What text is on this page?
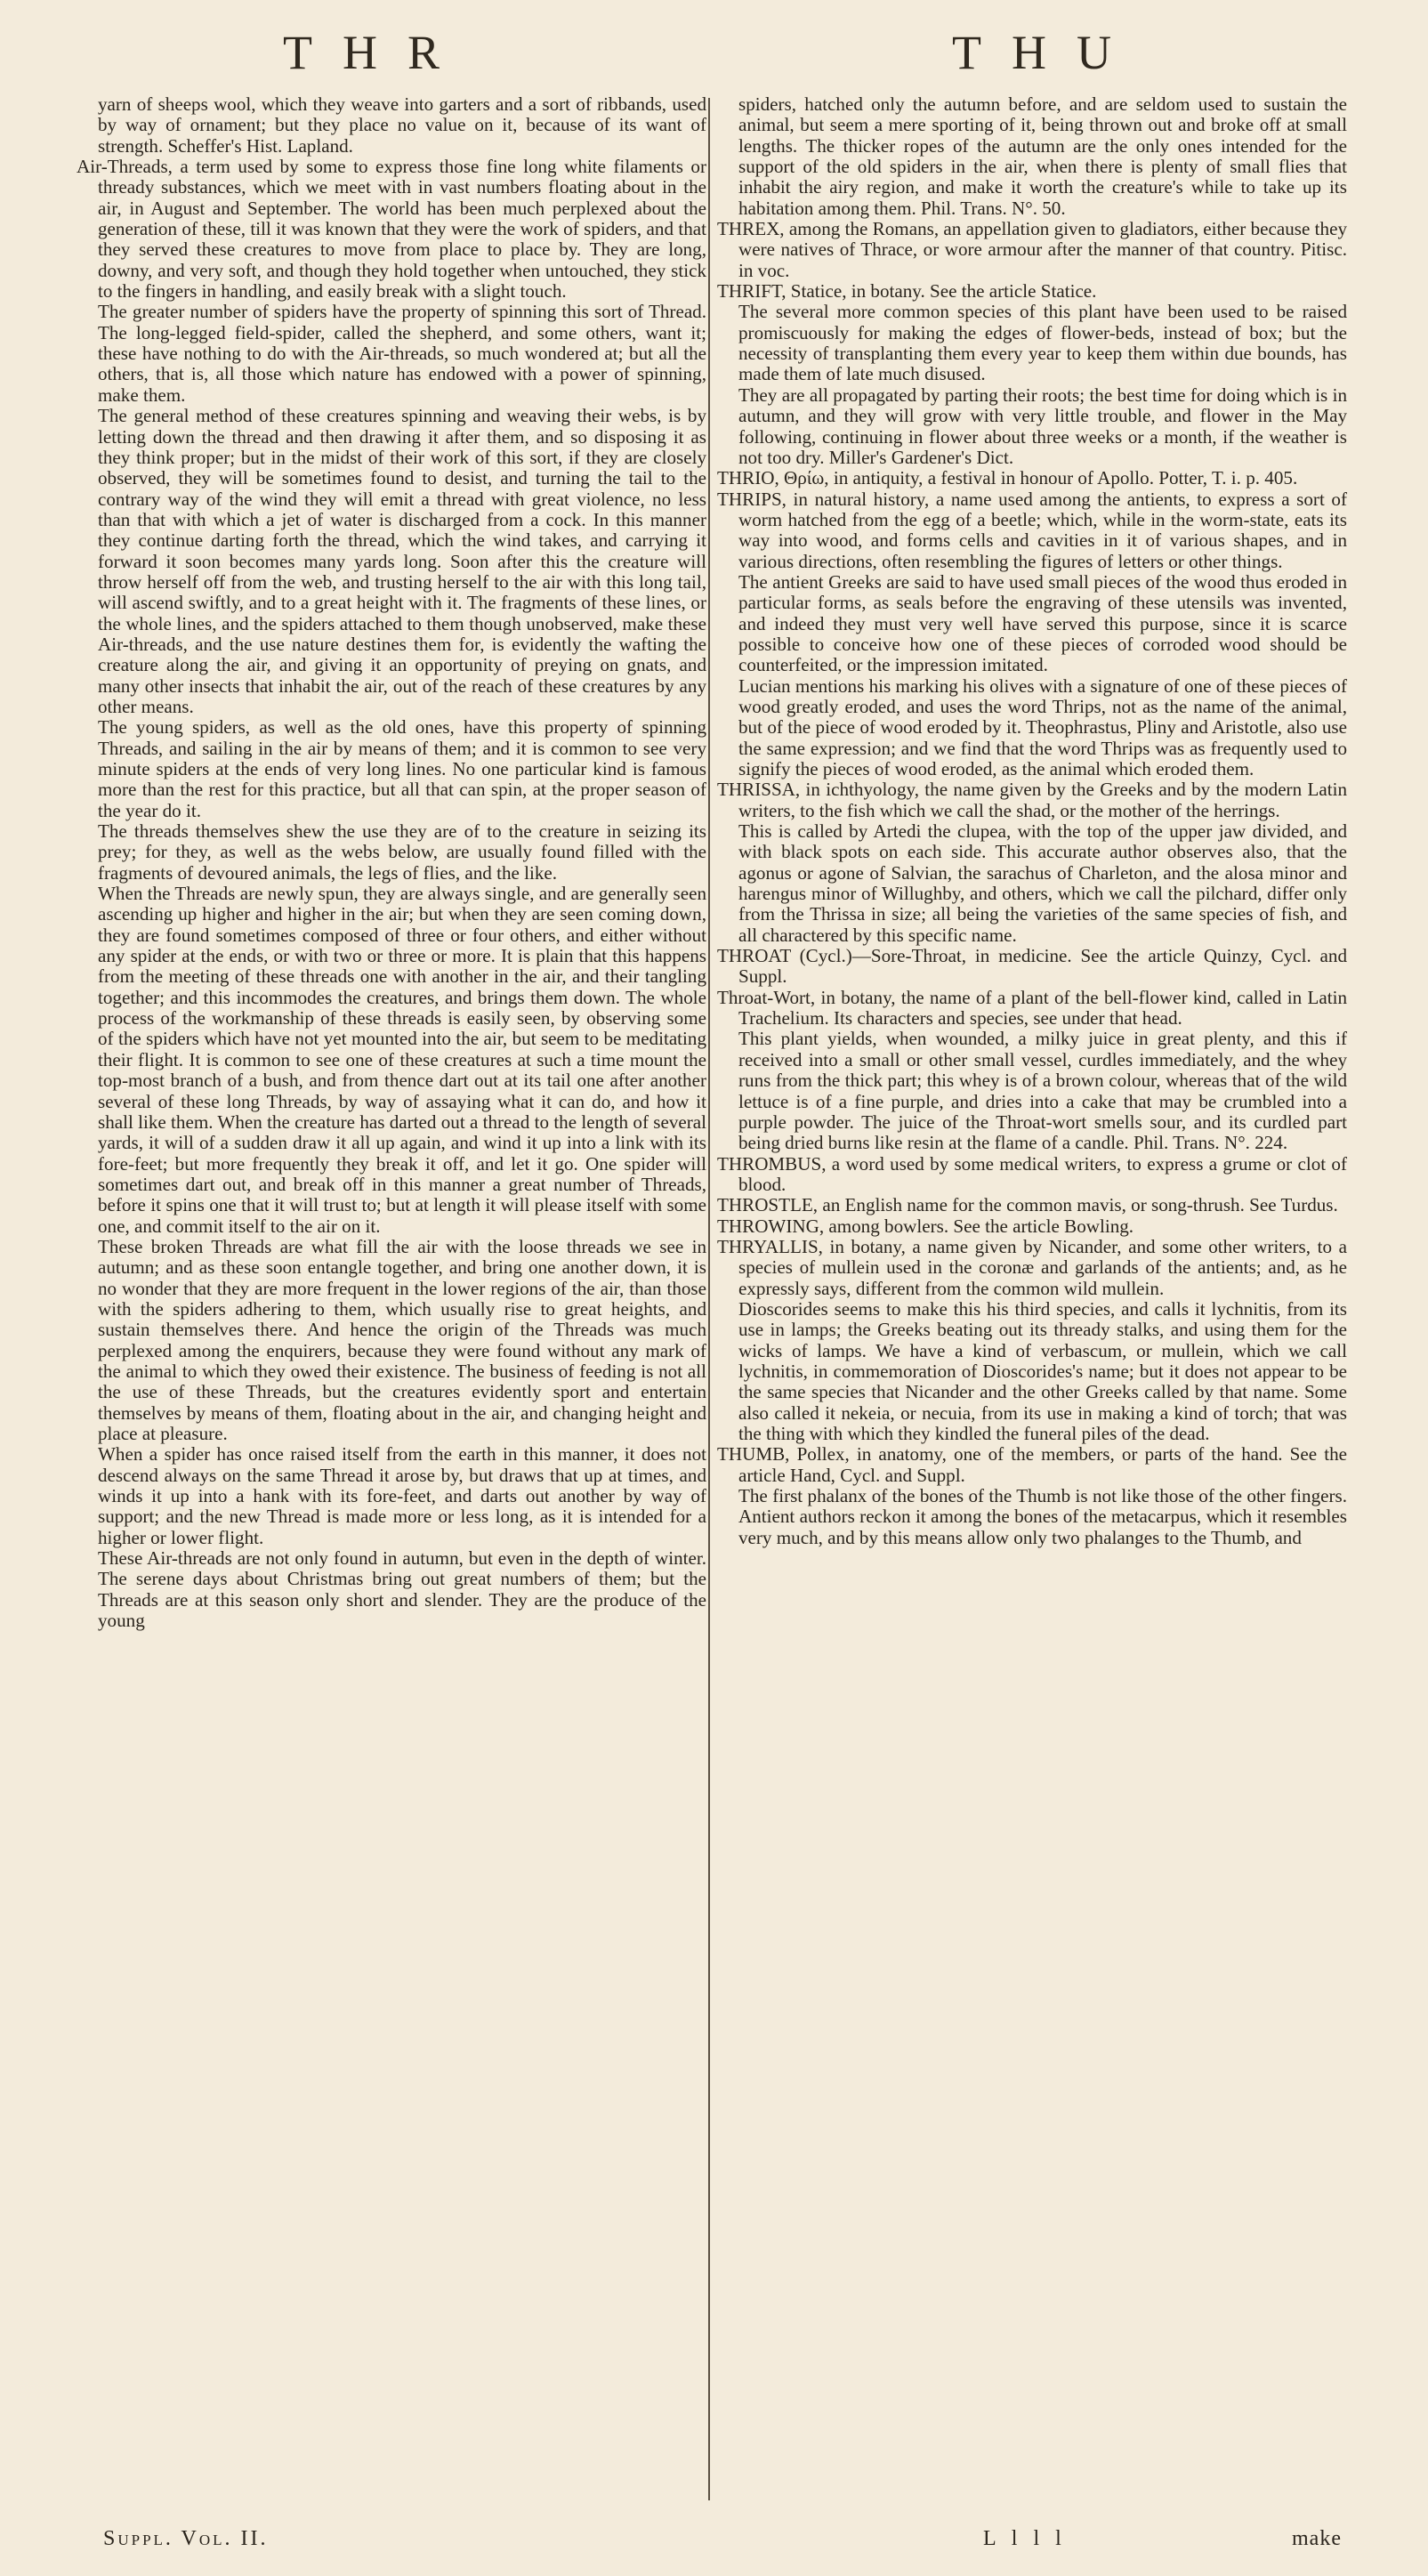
THR	THU

yarn of sheeps wool, which they weave into garters and a sort of ribbands, used by way of ornament; but they place no value on it, because of its want of strength. Scheffer's Hist. Lapland.

Air-Threads, a term used by some to express those fine long white filaments or thready substances, which we meet with in vast numbers floating about in the air, in August and September. The world has been much perplexed about the generation of these, till it was known that they were the work of spiders, and that they served these creatures to move from place to place by. They are long, downy, and very soft, and though they hold together when untouched, they stick to the fingers in handling, and easily break with a slight touch.

The greater number of spiders have the property of spinning this sort of Thread. The long-legged field-spider, called the shepherd, and some others, want it; these have nothing to do with the Air-threads, so much wondered at; but all the others, that is, all those which nature has endowed with a power of spinning, make them.

The general method of these creatures spinning and weaving their webs, is by letting down the thread and then drawing it after them, and so disposing it as they think proper; but in the midst of their work of this sort, if they are closely observed, they will be sometimes found to desist, and turning the tail to the contrary way of the wind they will emit a thread with great violence, no less than that with which a jet of water is discharged from a cock. In this manner they continue darting forth the thread, which the wind takes, and carrying it forward it soon becomes many yards long. Soon after this the creature will throw herself off from the web, and trusting herself to the air with this long tail, will ascend swiftly, and to a great height with it. The fragments of these lines, or the whole lines, and the spiders attached to them though unobserved, make these Air-threads, and the use nature destines them for, is evidently the wafting the creature along the air, and giving it an opportunity of preying on gnats, and many other insects that inhabit the air, out of the reach of these creatures by any other means.

The young spiders, as well as the old ones, have this property of spinning Threads, and sailing in the air by means of them; and it is common to see very minute spiders at the ends of very long lines. No one particular kind is famous more than the rest for this practice, but all that can spin, at the proper season of the year do it.

The threads themselves shew the use they are of to the creature in seizing its prey; for they, as well as the webs below, are usually found filled with the fragments of devoured animals, the legs of flies, and the like.

When the Threads are newly spun, they are always single, and are generally seen ascending up higher and higher in the air; but when they are seen coming down, they are found sometimes composed of three or four others, and either without any spider at the ends, or with two or three or more. It is plain that this happens from the meeting of these threads one with another in the air, and their tangling together; and this incommodes the creatures, and brings them down. The whole process of the workmanship of these threads is easily seen, by observing some of the spiders which have not yet mounted into the air, but seem to be meditating their flight. It is common to see one of these creatures at such a time mount the top-most branch of a bush, and from thence dart out at its tail one after another several of these long Threads, by way of assaying what it can do, and how it shall like them. When the creature has darted out a thread to the length of several yards, it will of a sudden draw it all up again, and wind it up into a link with its fore-feet; but more frequently they break it off, and let it go. One spider will sometimes dart out, and break off in this manner a great number of Threads, before it spins one that it will trust to; but at length it will please itself with some one, and commit itself to the air on it.

These broken Threads are what fill the air with the loose threads we see in autumn; and as these soon entangle together, and bring one another down, it is no wonder that they are more frequent in the lower regions of the air, than those with the spiders adhering to them, which usually rise to great heights, and sustain themselves there. And hence the origin of the Threads was much perplexed among the enquirers, because they were found without any mark of the animal to which they owed their existence. The business of feeding is not all the use of these Threads, but the creatures evidently sport and entertain themselves by means of them, floating about in the air, and changing height and place at pleasure.

When a spider has once raised itself from the earth in this manner, it does not descend always on the same Thread it arose by, but draws that up at times, and winds it up into a hank with its fore-feet, and darts out another by way of support; and the new Thread is made more or less long, as it is intended for a higher or lower flight.

These Air-threads are not only found in autumn, but even in the depth of winter. The serene days about Christmas bring out great numbers of them; but the Threads are at this season only short and slender. They are the produce of the young

spiders, hatched only the autumn before, and are seldom used to sustain the animal, but seem a mere sporting of it, being thrown out and broke off at small lengths. The thicker ropes of the autumn are the only ones intended for the support of the old spiders in the air, when there is plenty of small flies that inhabit the airy region, and make it worth the creature's while to take up its habitation among them. Phil. Trans. N°. 50.

THREX, among the Romans, an appellation given to gladiators, either because they were natives of Thrace, or wore armour after the manner of that country. Pitisc. in voc.

THRIFT, Statice, in botany. See the article Statice.

The several more common species of this plant have been used to be raised promiscuously for making the edges of flower-beds, instead of box; but the necessity of transplanting them every year to keep them within due bounds, has made them of late much disused.

They are all propagated by parting their roots; the best time for doing which is in autumn, and they will grow with very little trouble, and flower in the May following, continuing in flower about three weeks or a month, if the weather is not too dry. Miller's Gardener's Dict.

THRIO, Θρίω, in antiquity, a festival in honour of Apollo. Potter, T. i. p. 405.

THRIPS, in natural history, a name used among the antients, to express a sort of worm hatched from the egg of a beetle; which, while in the worm-state, eats its way into wood, and forms cells and cavities in it of various shapes, and in various directions, often resembling the figures of letters or other things.

The antient Greeks are said to have used small pieces of the wood thus eroded in particular forms, as seals before the engraving of these utensils was invented, and indeed they must very well have served this purpose, since it is scarce possible to conceive how one of these pieces of corroded wood should be counterfeited, or the impression imitated.

Lucian mentions his marking his olives with a signature of one of these pieces of wood greatly eroded, and uses the word Thrips, not as the name of the animal, but of the piece of wood eroded by it. Theophrastus, Pliny and Aristotle, also use the same expression; and we find that the word Thrips was as frequently used to signify the pieces of wood eroded, as the animal which eroded them.

THRISSA, in ichthyology, the name given by the Greeks and by the modern Latin writers, to the fish which we call the shad, or the mother of the herrings.

This is called by Artedi the clupea, with the top of the upper jaw divided, and with black spots on each side. This accurate author observes also, that the agonus or agone of Salvian, the sarachus of Charleton, and the alosa minor and harengus minor of Willughby, and others, which we call the pilchard, differ only from the Thrissa in size; all being the varieties of the same species of fish, and all charactered by this specific name.

THROAT (Cycl.)—Sore-Throat, in medicine. See the article Quinzy, Cycl. and Suppl.

Throat-Wort, in botany, the name of a plant of the bell-flower kind, called in Latin Trachelium. Its characters and species, see under that head.

This plant yields, when wounded, a milky juice in great plenty, and this if received into a small or other small vessel, curdles immediately, and the whey runs from the thick part; this whey is of a brown colour, whereas that of the wild lettuce is of a fine purple, and dries into a cake that may be crumbled into a purple powder. The juice of the Throat-wort smells sour, and its curdled part being dried burns like resin at the flame of a candle. Phil. Trans. N°. 224.

THROMBUS, a word used by some medical writers, to express a grume or clot of blood.

THROSTLE, an English name for the common mavis, or song-thrush. See Turdus.

THROWING, among bowlers. See the article Bowling.

THRYALLIS, in botany, a name given by Nicander, and some other writers, to a species of mullein used in the coronæ and garlands of the antients; and, as he expressly says, different from the common wild mullein.

Dioscorides seems to make this his third species, and calls it lychnitis, from its use in lamps; the Greeks beating out its thready stalks, and using them for the wicks of lamps. We have a kind of verbascum, or mullein, which we call lychnitis, in commemoration of Dioscorides's name; but it does not appear to be the same species that Nicander and the other Greeks called by that name. Some also called it nekeia, or necuia, from its use in making a kind of torch; that was the thing with which they kindled the funeral piles of the dead.

THUMB, Pollex, in anatomy, one of the members, or parts of the hand. See the article Hand, Cycl. and Suppl.

The first phalanx of the bones of the Thumb is not like those of the other fingers. Antient authors reckon it among the bones of the metacarpus, which it resembles very much, and by this means allow only two phalanges to the Thumb, and

Suppl. Vol. II.	L l l l	make
